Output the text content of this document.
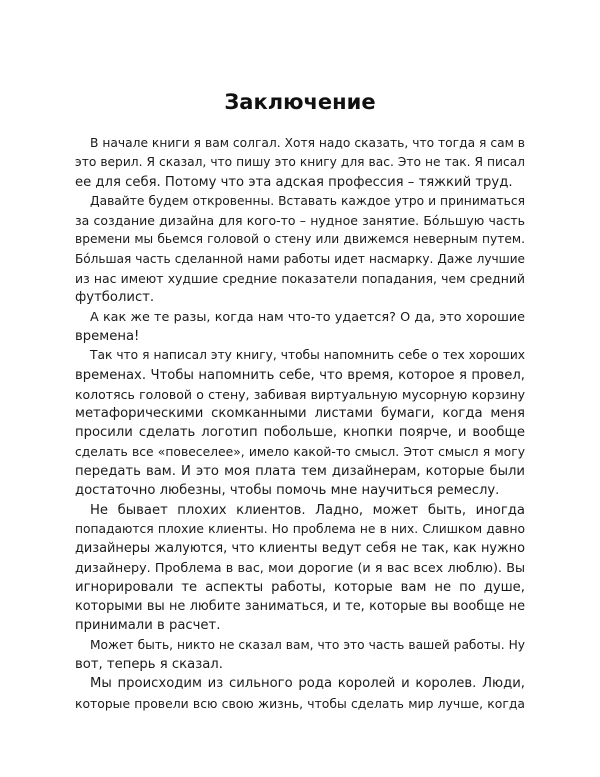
Заключение

В начале книги я вам солгал. Хотя надо сказать, что тогда я сам в
это верил. Я сказал, что пишу это книгу для вас. Это не так. Я писал
ее для себя. Потому что эта адская профессия – тяжкий труд.

Давайте будем откровенны. Вставать каждое утро и приниматься
за создание дизайна для кого-то – нудное занятие. Бóльшую часть
времени мы бьемся головой о стену или движемся неверным путем.
Бóльшая часть сделанной нами работы идет насмарку. Даже лучшие
из нас имеют худшие средние показатели попадания, чем средний
футболист.

А как же те разы, когда нам что-то удается? О да, это хорошие
времена!

Так что я написал эту книгу, чтобы напомнить себе о тех хороших
временах. Чтобы напомнить себе, что время, которое я провел,
колотясь головой о стену, забивая виртуальную мусорную корзину
метафорическими скомканными листами бумаги, когда меня
просили сделать логотип побольше, кнопки поярче, и вообще
сделать все «повеселее», имело какой-то смысл. Этот смысл я могу
передать вам. И это моя плата тем дизайнерам, которые были
достаточно любезны, чтобы помочь мне научиться ремеслу.

Не бывает плохих клиентов. Ладно, может быть, иногда
попадаются плохие клиенты. Но проблема не в них. Слишком давно
дизайнеры жалуются, что клиенты ведут себя не так, как нужно
дизайнеру. Проблема в вас, мои дорогие (и я вас всех люблю). Вы
игнорировали те аспекты работы, которые вам не по душе,
которыми вы не любите заниматься, и те, которые вы вообще не
принимали в расчет.

Может быть, никто не сказал вам, что это часть вашей работы. Ну
вот, теперь я сказал.

Мы происходим из сильного рода королей и королев. Люди,
которые провели всю свою жизнь, чтобы сделать мир лучше, когда
